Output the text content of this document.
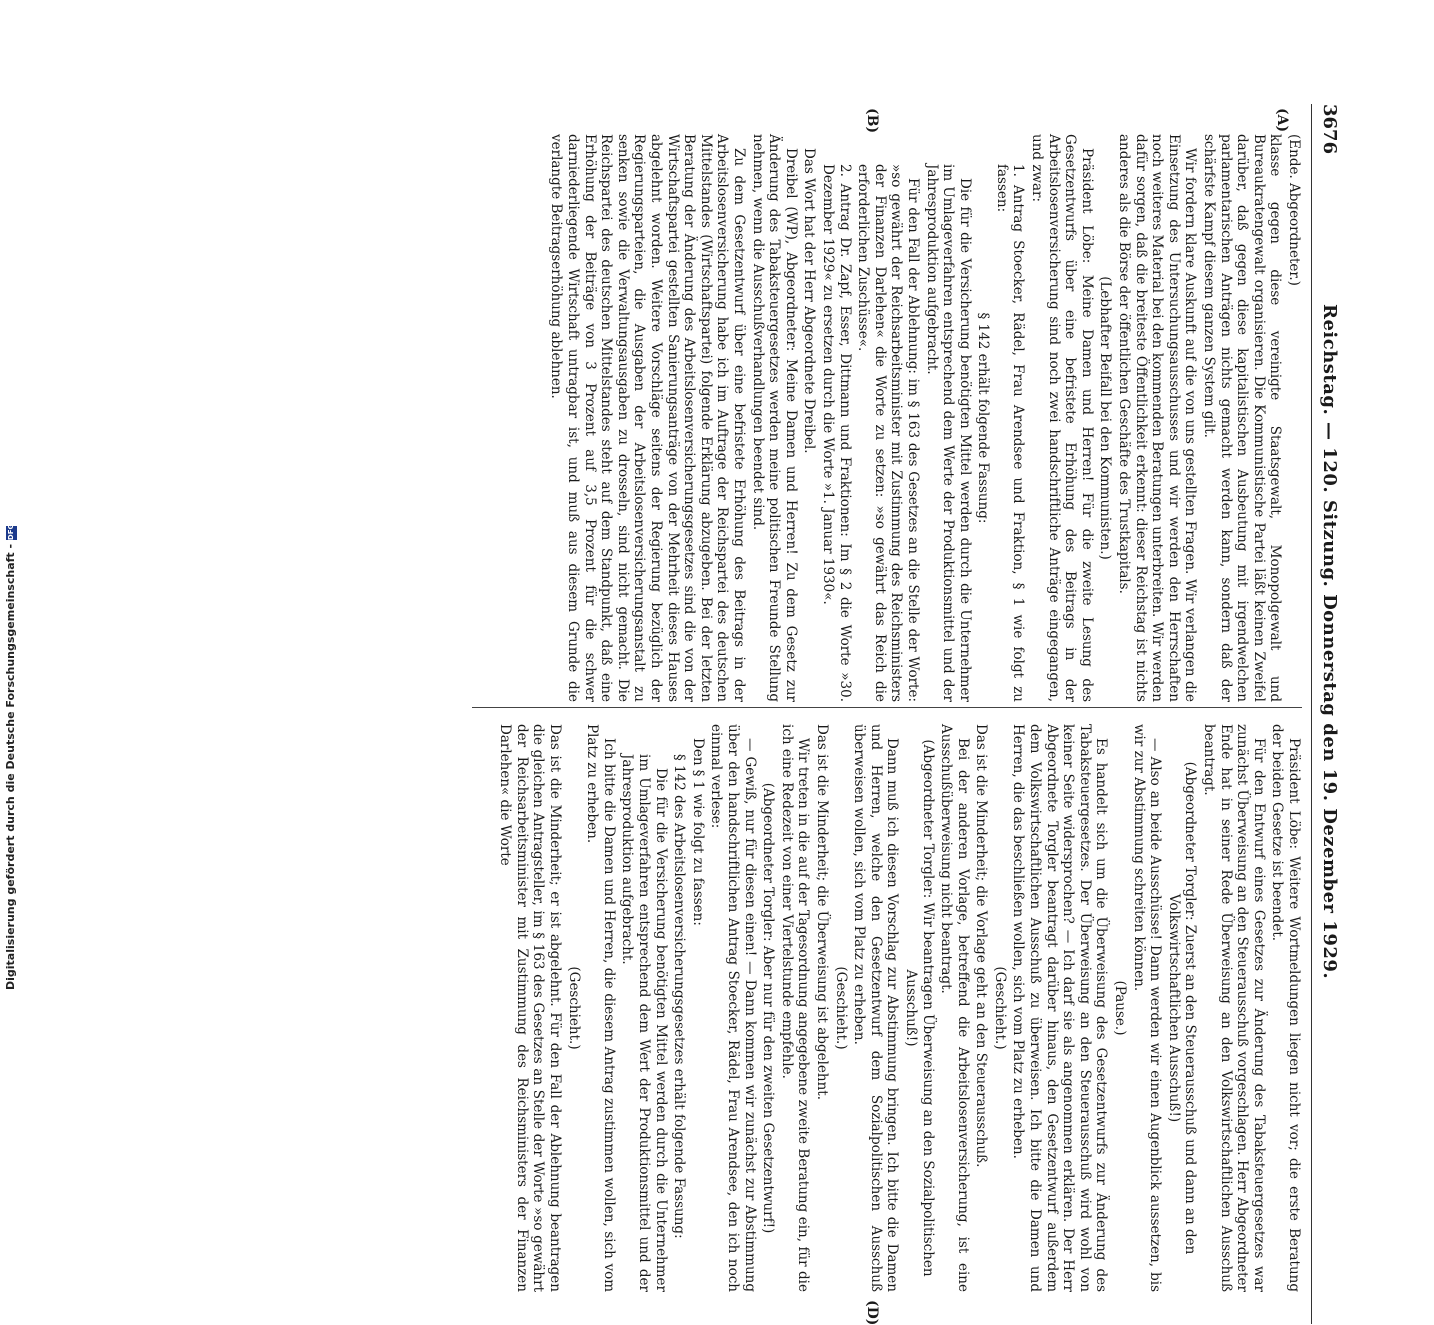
3676
Reichstag. — 120. Sitzung. Donnerstag den 19. Dezember 1929.
(A)
(B)
(D)

(Ende. Abgeordneter.)

klasse gegen diese vereinigte Staatsgewalt, Monopolgewalt und Bureaukratengewalt organisieren. Die Kommunistische Partei läßt keinen Zweifel darüber, daß gegen diese kapitalistischen Ausbeutung mit irgendwelchen parlamentarischen Anträgen nichts gemacht werden kann, sondern daß der schärfste Kampf diesem ganzen System gilt.

Wir fordern klare Auskunft auf die von uns gestellten Fragen. Wir verlangen die Einsetzung des Untersuchungsausschusses und wir werden den Herrschaften noch weiteres Material bei den kommenden Beratungen unterbreiten. Wir werden dafür sorgen, daß die breiteste Öffentlichkeit erkennt: dieser Reichstag ist nichts anderes als die Börse der öffentlichen Geschäfte des Trustkapitals.

(Lebhafter Beifall bei den Kommunisten.)

Präsident Löbe: Meine Damen und Herren! Für die zweite Lesung des Gesetzentwurfs über eine befristete Erhöhung des Beitrags in der Arbeitslosenversicherung sind noch zwei handschriftliche Anträge eingegangen, und zwar:

1. Antrag Stoecker, Rädel, Frau Arendsee und Fraktion, § 1 wie folgt zu fassen:

§ 142 erhält folgende Fassung:

Die für die Versicherung benötigten Mittel werden durch die Unternehmer im Umlageverfahren entsprechend dem Werte der Produktionsmittel und der Jahresproduktion aufgebracht.

Für den Fall der Ablehnung: im § 163 des Gesetzes an die Stelle der Worte: »so gewährt der Reichsarbeitsminister mit Zustimmung des Reichsministers der Finanzen Darlehen« die Worte zu setzen: »so gewährt das Reich die erforderlichen Zuschüsse«.

2. Antrag Dr. Zapf, Esser, Dittmann und Fraktionen: Im § 2 die Worte »30. Dezember 1929« zu ersetzen durch die Worte »1. Januar 1930«.

Das Wort hat der Herr Abgeordnete Dreibel.

Dreibel (WP), Abgeordneter: Meine Damen und Herren! Zu dem Gesetz zur Änderung des Tabaksteuergesetzes werden meine politischen Freunde Stellung nehmen, wenn die Ausschußverhandlungen beendet sind.

Zu dem Gesetzentwurf über eine befristete Erhöhung des Beitrags in der Arbeitslosenversicherung habe ich im Auftrage der Reichspartei des deutschen Mittelstandes (Wirtschaftspartei) folgende Erklärung abzugeben. Bei der letzten Beratung der Änderung des Arbeitslosenversicherungsgesetzes sind die von der Wirtschaftspartei gestellten Sanierungsanträge von der Mehrheit dieses Hauses abgelehnt worden. Weitere Vorschläge seitens der Regierung bezüglich der Regierungsparteien, die Ausgaben der Arbeitslosenversicherungsanstalt zu senken sowie die Verwaltungsausgaben zu drosseln, sind nicht gemacht. Die Reichspartei des deutschen Mittelstandes steht auf dem Standpunkt, daß eine Erhöhung der Beiträge von 3 Prozent auf 3,5 Prozent für die schwer darniederliegende Wirtschaft untragbar ist, und muß aus diesem Grunde die verlangte Beitragserhöhung ablehnen.

Präsident Löbe: Weitere Wortmeldungen liegen nicht vor; die erste Beratung der beiden Gesetze ist beendet.

Für den Entwurf eines Gesetzes zur Änderung des Tabaksteuergesetzes war zunächst Überweisung an den Steuerausschuß vorgeschlagen. Herr Abgeordneter Ende hat in seiner Rede Überweisung an den Volkswirtschaftlichen Ausschuß beantragt.

(Abgeordneter Torgler: Zuerst an den Steuerausschuß und dann an den Volkswirtschaftlichen Ausschuß!)

— Also an beide Ausschüsse! Dann werden wir einen Augenblick aussetzen, bis wir zur Abstimmung schreiten können.

(Pause.)

Es handelt sich um die Überweisung des Gesetzentwurfs zur Änderung des Tabaksteuergesetzes. Der Überweisung an den Steuerausschuß wird wohl von keiner Seite widersprochen? — Ich darf sie als angenommen erklären. Der Herr Abgeordnete Torgler beantragt darüber hinaus, den Gesetzentwurf außerdem dem Volkswirtschaftlichen Ausschuß zu überweisen. Ich bitte die Damen und Herren, die das beschließen wollen, sich vom Platz zu erheben.

(Geschieht.)

Das ist die Minderheit; die Vorlage geht an den Steuerausschuß.

Bei der anderen Vorlage, betreffend die Arbeitslosenversicherung, ist eine Ausschußüberweisung nicht beantragt.

(Abgeordneter Torgler: Wir beantragen Überweisung an den Sozialpolitischen Ausschuß!)

Dann muß ich diesen Vorschlag zur Abstimmung bringen. Ich bitte die Damen und Herren, welche den Gesetzentwurf dem Sozialpolitischen Ausschuß überweisen wollen, sich vom Platz zu erheben.

(Geschieht.)

Das ist die Minderheit; die Überweisung ist abgelehnt.

Wir treten in die auf der Tagesordnung angegebene zweite Beratung ein, für die ich eine Redezeit von einer Viertelstunde empfehle.

(Abgeordneter Torgler: Aber nur für den zweiten Gesetzentwurf!)

— Gewiß, nur für diesen einen! — Dann kommen wir zunächst zur Abstimmung über den handschriftlichen Antrag Stoecker, Rädel, Frau Arendsee, den ich noch einmal verlese:

Den § 1 wie folgt zu fassen:

§ 142 des Arbeitslosenversicherungsgesetzes erhält folgende Fassung:

Die für die Versicherung benötigten Mittel werden durch die Unternehmer im Umlageverfahren entsprechend dem Wert der Produktionsmittel und der Jahresproduktion aufgebracht.

Ich bitte die Damen und Herren, die diesem Antrag zustimmen wollen, sich vom Platz zu erheben.

(Geschieht.)

Das ist die Minderheit; er ist abgelehnt. Für den Fall der Ablehnung beantragen die gleichen Antragsteller, im § 163 des Gesetzes an Stelle der Worte »so gewährt der Reichsarbeitsminister mit Zustimmung des Reichsministers der Finanzen Darlehen« die Worte

Digitalisierung gefördert durch die Deutsche Forschungsgemeinschaft - DFG
